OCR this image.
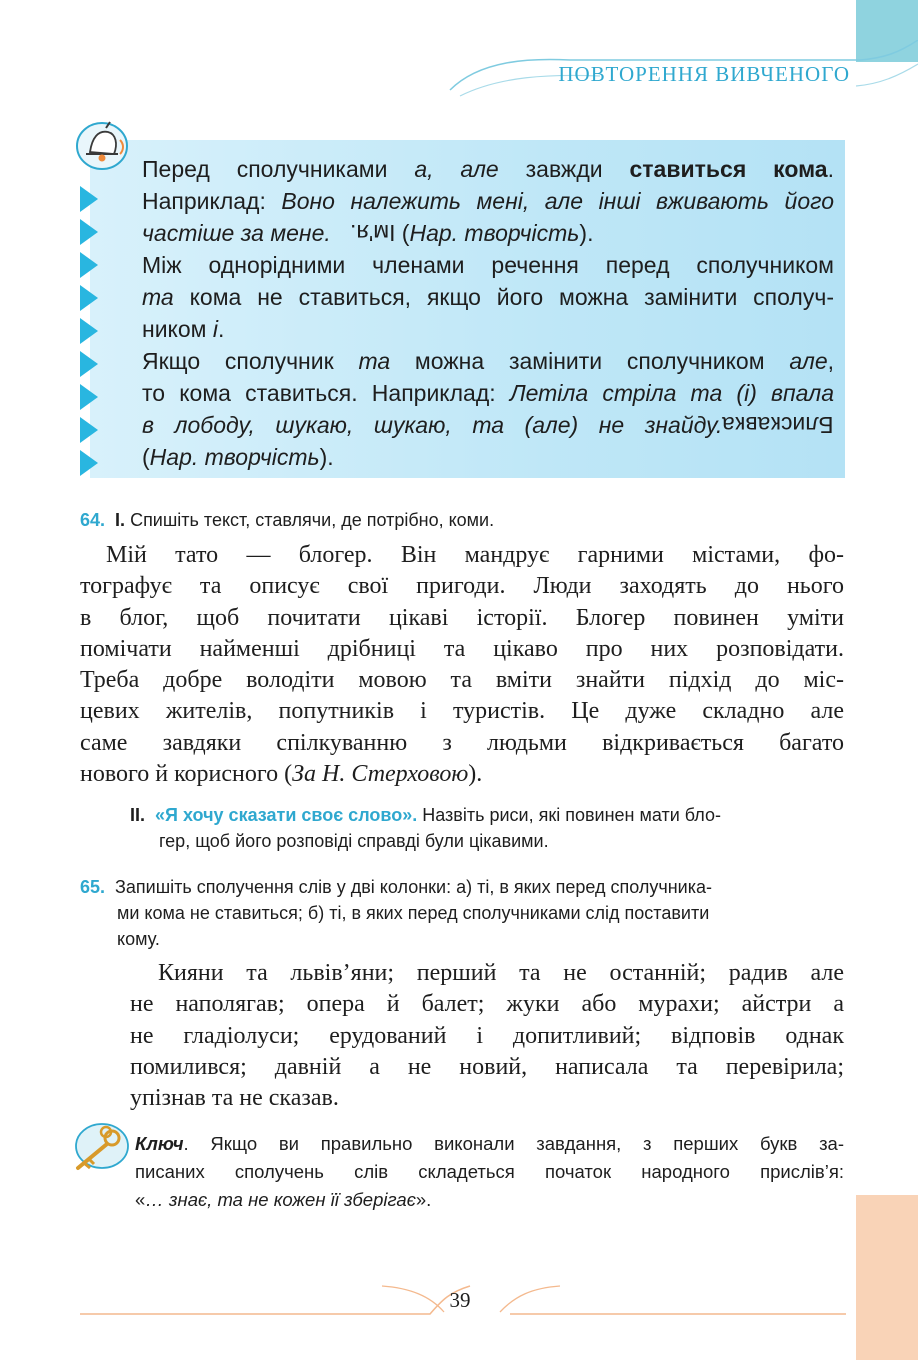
ПОВТОРЕННЯ ВИВЧЕНОГО
Перед сполучниками а, але завжди ставиться кома.
Наприклад: Воно належить мені, але інші вживають його
частіше за мене. Ім'я. (Нар. творчість).
Між однорідними членами речення перед сполучником
та кома не ставиться, якщо його можна замінити сполуч-
ником і.
Якщо сполучник та можна замінити сполучником але,
то кома ставиться. Наприклад: Летіла стріла та (і) впала
в лободу, шукаю, шукаю, та (але) не знайду.Блискавка
(Нар. творчість).
64. І. Спишіть текст, ставлячи, де потрібно, коми.
Мій тато — блогер. Він мандрує гарними містами, фо-
тографує та описує свої пригоди. Люди заходять до нього
в блог, щоб почитати цікаві історії. Блогер повинен уміти
помічати найменші дрібниці та цікаво про них розповідати.
Треба добре володіти мовою та вміти знайти підхід до міс-
цевих жителів, попутників і туристів. Це дуже складно але
саме завдяки спілкуванню з людьми відкривається багато
нового й корисного (За Н. Стерховою).
ІІ. «Я хочу сказати своє слово». Назвіть риси, які повинен мати бло-
гер, щоб його розповіді справді були цікавими.
65. Запишіть сполучення слів у дві колонки: а) ті, в яких перед сполучника-
ми кома не ставиться; б) ті, в яких перед сполучниками слід поставити
кому.
Кияни та львів’яни; перший та не останній; радив але
не наполягав; опера й балет; жуки або мурахи; айстри а
не гладіолуси; ерудований і допитливий; відповів однак
помилився; давній а не новий, написала та перевірила;
упізнав та не сказав.
Ключ. Якщо ви правильно виконали завдання, з перших букв за-
писаних сполучень слів складеться початок народного прислів’я:
«… знає, та не кожен її зберігає».
39
